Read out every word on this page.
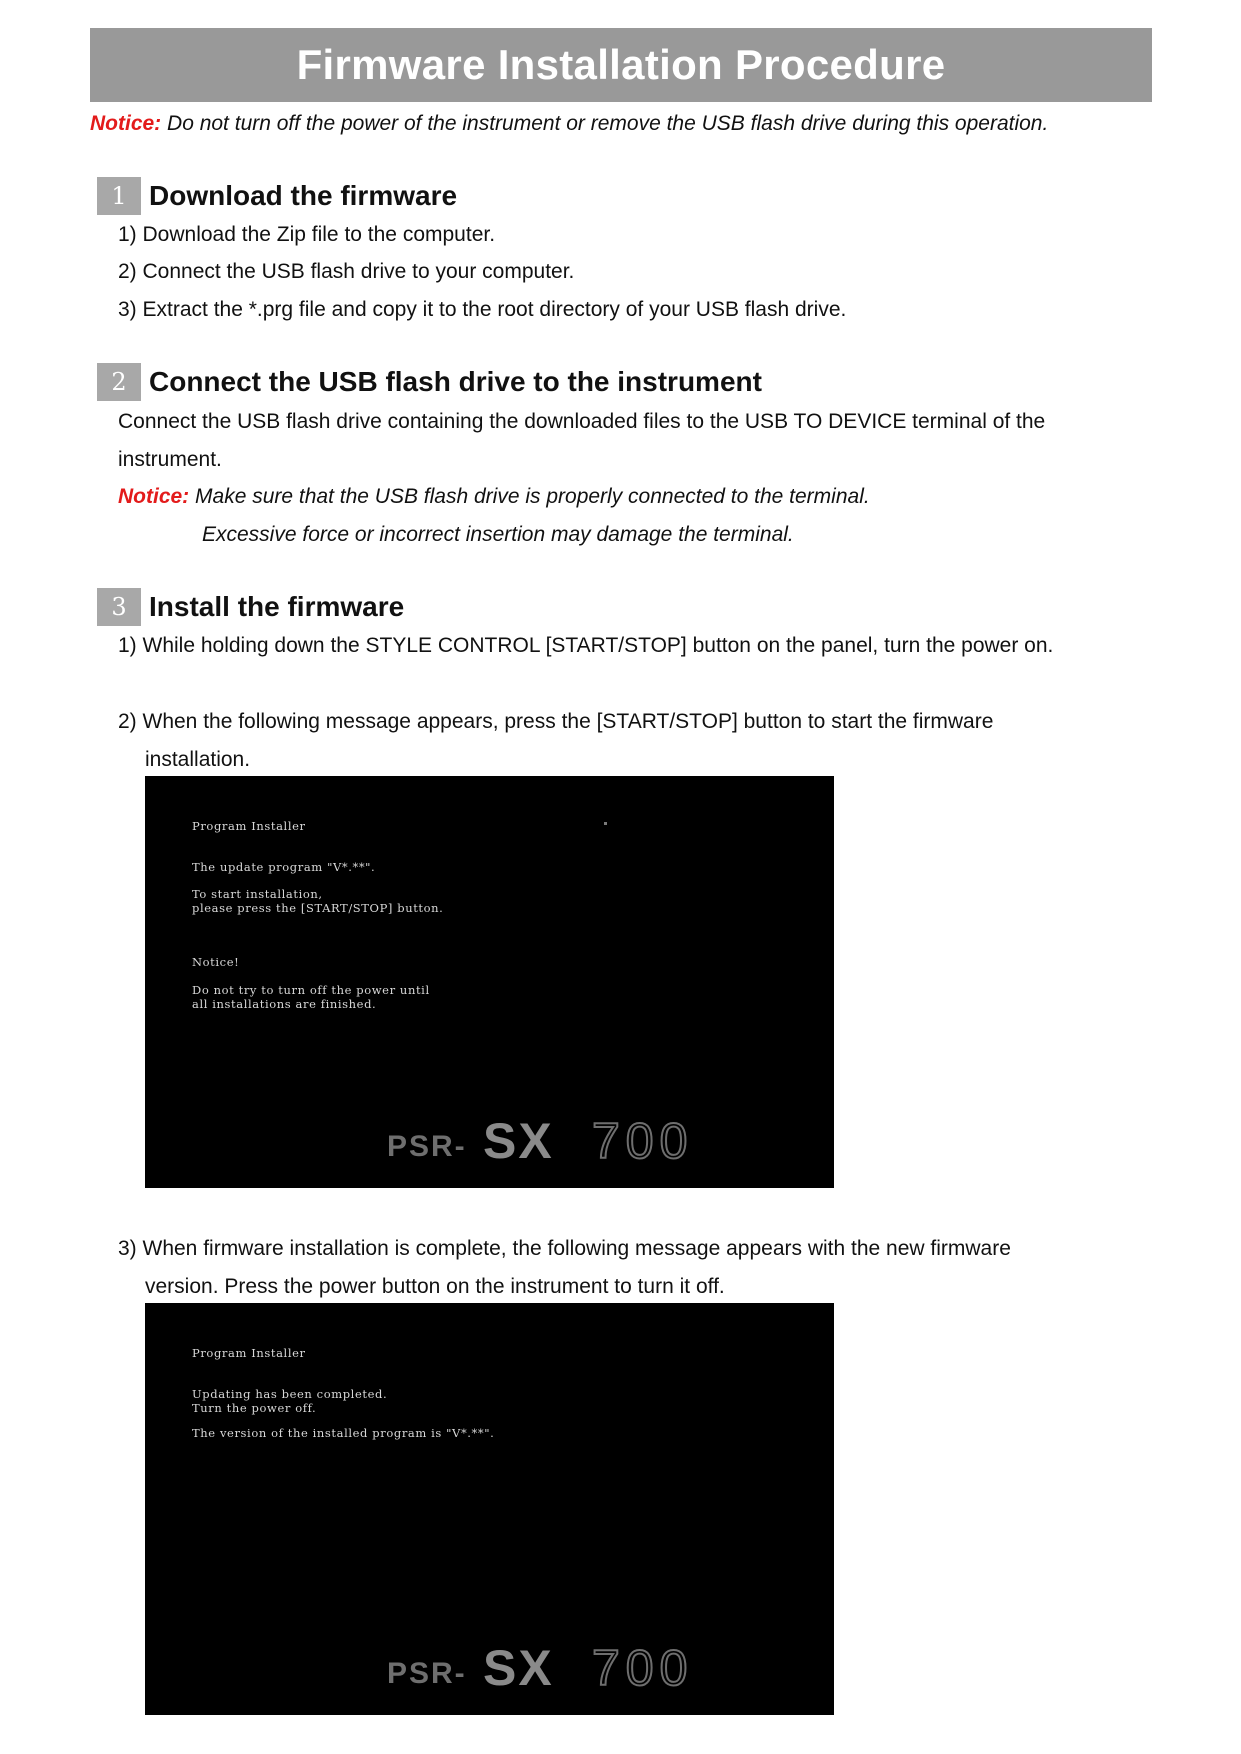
Firmware Installation Procedure
Notice: Do not turn off the power of the instrument or remove the USB flash drive during this operation.
1 Download the firmware
1) Download the Zip file to the computer.
2) Connect the USB flash drive to your computer.
3) Extract the *.prg file and copy it to the root directory of your USB flash drive.
2 Connect the USB flash drive to the instrument
Connect the USB flash drive containing the downloaded files to the USB TO DEVICE terminal of the
instrument.
Notice: Make sure that the USB flash drive is properly connected to the terminal.
Excessive force or incorrect insertion may damage the terminal.
3 Install the firmware
1) While holding down the STYLE CONTROL [START/STOP] button on the panel, turn the power on.
2) When the following message appears, press the [START/STOP] button to start the firmware
installation.
Program Installer
The update program "V*.**".
To start installation,
please press the [START/STOP] button.
Notice!
Do not try to turn off the power until
all installations are finished.
PSR- SX 700
3) When firmware installation is complete, the following message appears with the new firmware
version. Press the power button on the instrument to turn it off.
Program Installer
Updating has been completed.
Turn the power off.
The version of the installed program is "V*.**".
PSR- SX 700
